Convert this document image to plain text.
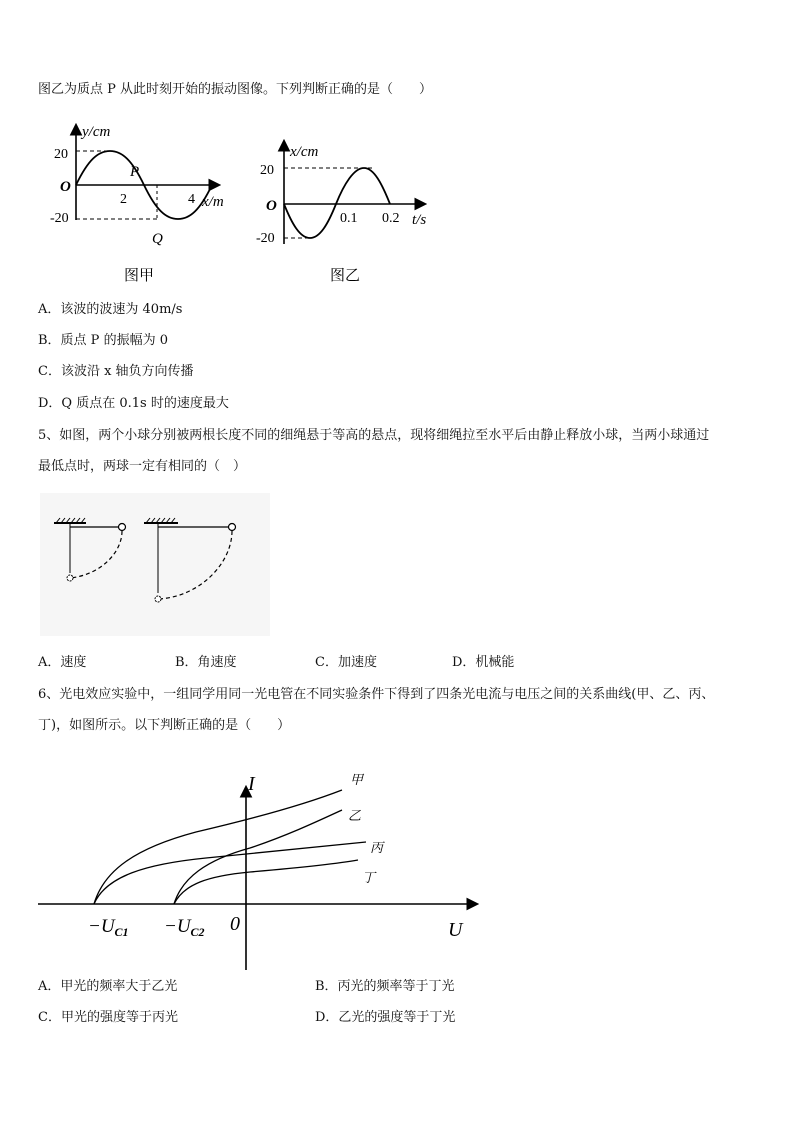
图乙为质点 P 从此时刻开始的振动图像。下列判断正确的是（　　）
y/cm
O
20
-20
2	4
P
Q
x/m
图甲
x/cm
O
20
-20
0.1 0.2 t/s
图乙
A．该波的波速为 40m/s
B．质点 P 的振幅为 0
C．该波沿 x 轴负方向传播
D．Q 质点在 0.1s 时的速度最大
5、如图，两个小球分别被两根长度不同的细绳悬于等高的悬点，现将细绳拉至水平后由静止释放小球，当两小球通过
最低点时，两球一定有相同的（　）
A．速度	B．角速度	C．加速度	D．机械能
6、光电效应实验中，一组同学用同一光电管在不同实验条件下得到了四条光电流与电压之间的关系曲线(甲、乙、丙、
丁)，如图所示。以下判断正确的是（　　）
I
U
0
$-U_{C1} -U_{C2}$
甲
乙
丙
丁
A．甲光的频率大于乙光	B．丙光的频率等于丁光
C．甲光的强度等于丙光	D．乙光的强度等于丁光
